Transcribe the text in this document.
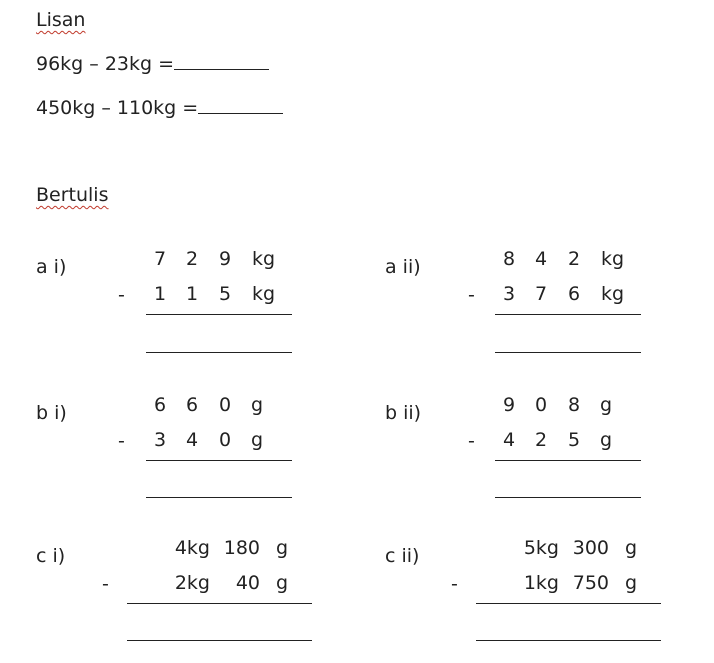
Lisan
96kg – 23kg =
450kg – 110kg =
Bertulis
a i)	7	2	9	kg
-	1	1	5	kg
a ii)	8	4	2	kg
-	3	7	6	kg
b i)	6	6	0	g
-	3	4	0	g
b ii)	9	0	8	g
-	4	2	5	g
c i)	4kg 180 g
-	2kg 40 g
c ii)	5kg 300 g
-	1kg 750 g
